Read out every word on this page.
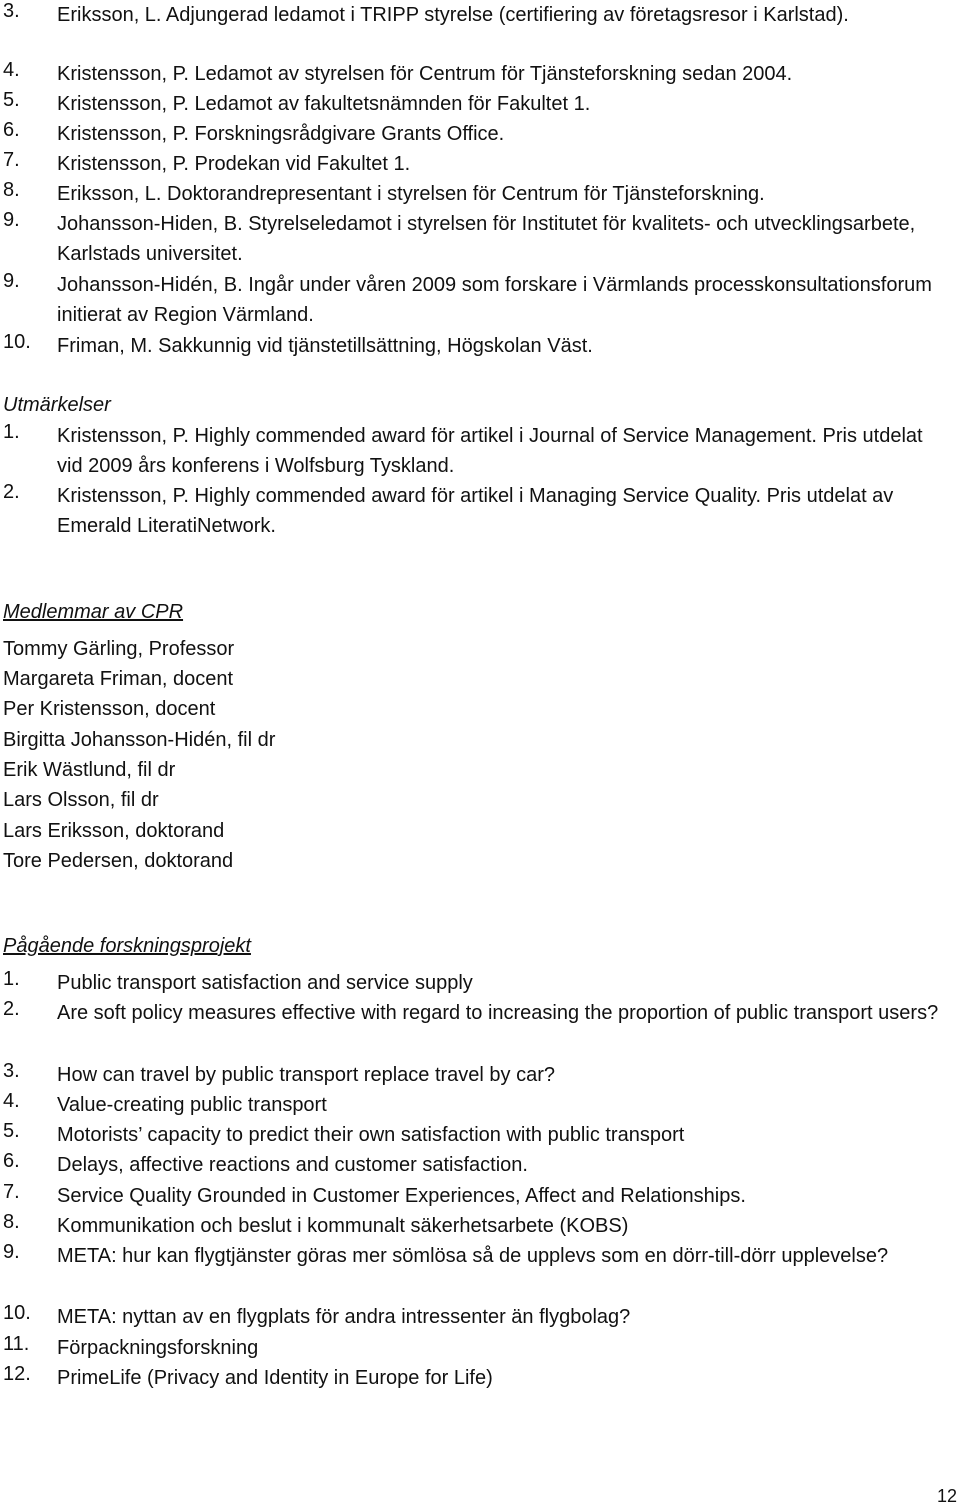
3. Eriksson, L. Adjungerad ledamot i TRIPP styrelse (certifiering av företagsresor i Karlstad).
4. Kristensson, P. Ledamot av styrelsen för Centrum för Tjänsteforskning sedan 2004.
5. Kristensson, P. Ledamot av fakultetsnämnden för Fakultet 1.
6. Kristensson, P. Forskningsrådgivare Grants Office.
7. Kristensson, P. Prodekan vid Fakultet 1.
8. Eriksson, L. Doktorandrepresentant i styrelsen för Centrum för Tjänsteforskning.
9. Johansson-Hiden, B. Styrelseledamot i styrelsen för Institutet för kvalitets- och utvecklingsarbete, Karlstads universitet.
9. Johansson-Hidén, B. Ingår under våren 2009 som forskare i Värmlands processkonsultationsforum initierat av Region Värmland.
10. Friman, M. Sakkunnig vid tjänstetillsättning, Högskolan Väst.
Utmärkelser
1. Kristensson, P. Highly commended award för artikel i Journal of Service Management. Pris utdelat vid 2009 års konferens i Wolfsburg Tyskland.
2. Kristensson, P. Highly commended award för artikel i Managing Service Quality. Pris utdelat av Emerald LiteratiNetwork.
Medlemmar av CPR
Tommy Gärling, Professor
Margareta Friman, docent
Per Kristensson, docent
Birgitta Johansson-Hidén, fil dr
Erik Wästlund, fil dr
Lars Olsson, fil dr
Lars Eriksson, doktorand
Tore Pedersen, doktorand
Pågående forskningsprojekt
1. Public transport satisfaction and service supply
2. Are soft policy measures effective with regard to increasing the proportion of public transport users?
3. How can travel by public transport replace travel by car?
4. Value-creating public transport
5. Motorists’ capacity to predict their own satisfaction with public transport
6. Delays, affective reactions and customer satisfaction.
7. Service Quality Grounded in Customer Experiences, Affect and Relationships.
8. Kommunikation och beslut i kommunalt säkerhetsarbete (KOBS)
9. META: hur kan flygtjänster göras mer sömlösa så de upplevs som en dörr-till-dörr upplevelse?
10. META: nyttan av en flygplats för andra intressenter än flygbolag?
11. Förpackningsforskning
12. PrimeLife (Privacy and Identity in Europe for Life)
12
